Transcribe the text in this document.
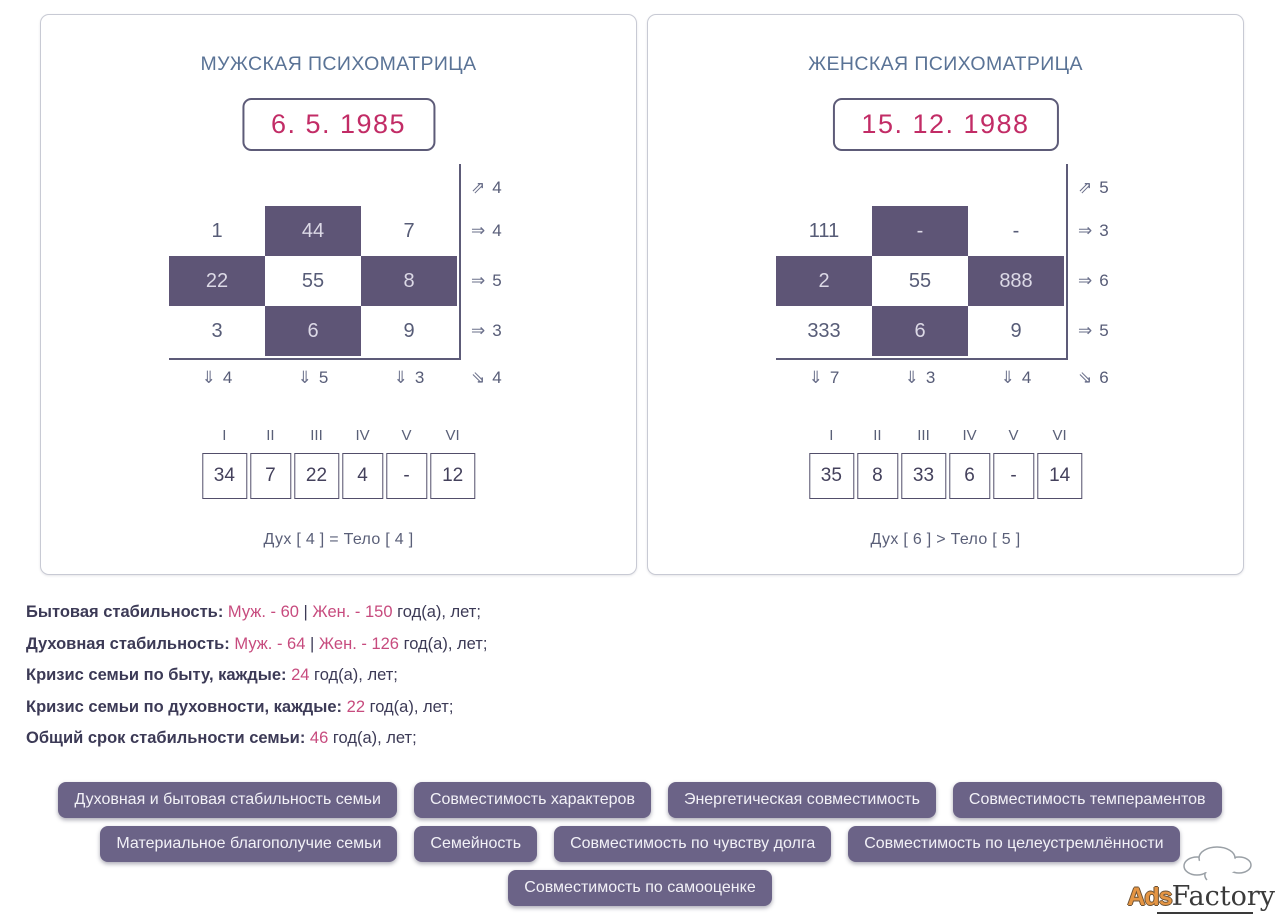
МУЖСКАЯ ПСИХОМАТРИЦА
6. 5. 1985
1	44	7
22	55	8
3	6	9
⇗ 4
⇒ 4
⇒ 5
⇒ 3
⇓ 4	⇓ 5	⇓ 3	⇘ 4
I	II	III	IV	V	VI
34	7	22	4	-	12
Дух [ 4 ] = Тело [ 4 ]
ЖЕНСКАЯ ПСИХОМАТРИЦА
15. 12. 1988
111	-	-
2	55	888
333	6	9
⇗ 5
⇒ 3
⇒ 6
⇒ 5
⇓ 7	⇓ 3	⇓ 4	⇘ 6
I	II	III	IV	V	VI
35	8	33	6	-	14
Дух [ 6 ] > Тело [ 5 ]
Бытовая стабильность: Муж. - 60 | Жен. - 150 год(а), лет;
Духовная стабильность: Муж. - 64 | Жен. - 126 год(а), лет;
Кризис семьи по быту, каждые: 24 год(а), лет;
Кризис семьи по духовности, каждые: 22 год(а), лет;
Общий срок стабильности семьи: 46 год(а), лет;
Духовная и бытовая стабильность семьи	Совместимость характеров	Энергетическая совместимость	Совместимость темпераментов
Материальное благополучие семьи	Семейность	Совместимость по чувству долга	Совместимость по целеустремлённости
Совместимость по самооценке	AdsFactory
